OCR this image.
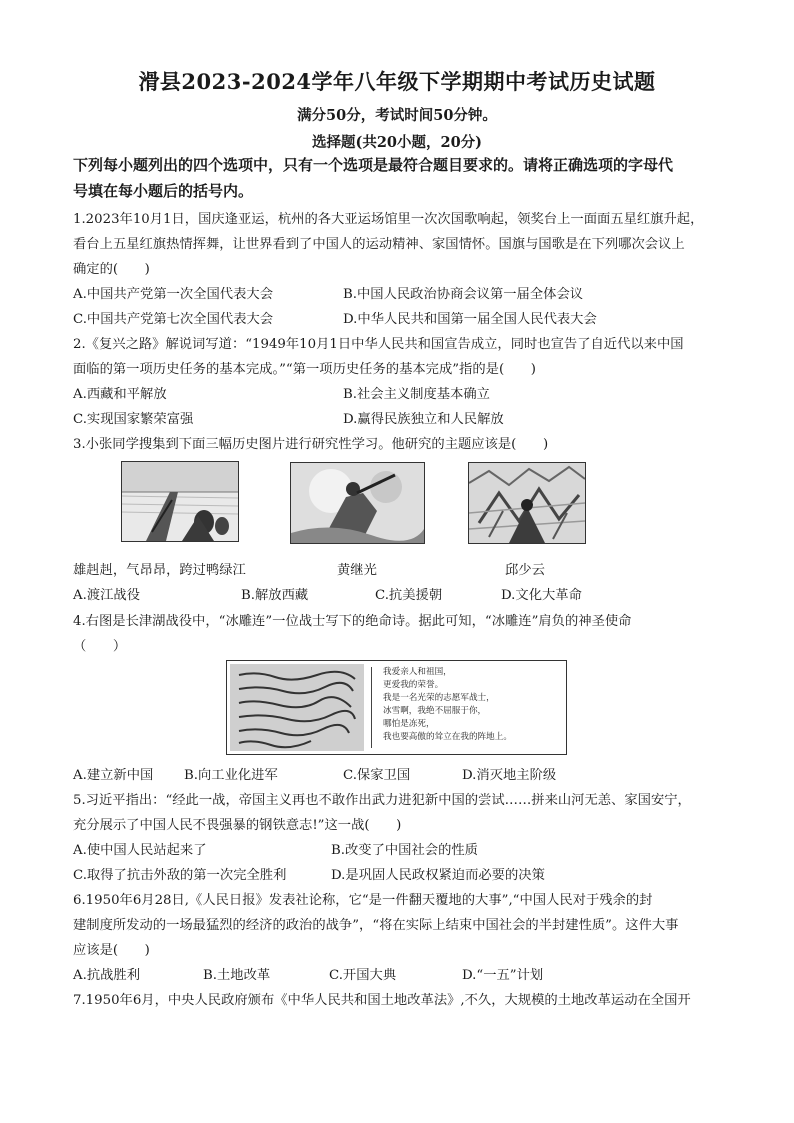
滑县2023-2024学年八年级下学期期中考试历史试题
满分50分，考试时间50分钟。
选择题(共20小题，20分)
下列每小题列出的四个选项中，只有一个选项是最符合题目要求的。请将正确选项的字母代
号填在每小题后的括号内。
1.2023年10月1日，国庆逢亚运，杭州的各大亚运场馆里一次次国歌响起，领奖台上一面面五星红旗升起，
看台上五星红旗热情挥舞，让世界看到了中国人的运动精神、家国情怀。国旗与国歌是在下列哪次会议上
确定的(　　)
A.中国共产党第一次全国代表大会	B.中国人民政治协商会议第一届全体会议
C.中国共产党第七次全国代表大会	D.中华人民共和国第一届全国人民代表大会
2.《复兴之路》解说词写道：“1949年10月1日中华人民共和国宣告成立，同时也宣告了自近代以来中国
面临的第一项历史任务的基本完成。”“第一项历史任务的基本完成”指的是(　　)
A.西藏和平解放	B.社会主义制度基本确立
C.实现国家繁荣富强	D.赢得民族独立和人民解放
3.小张同学搜集到下面三幅历史图片进行研究性学习。他研究的主题应该是(　　)
雄赳赳，气昂昂，跨过鸭绿江	黄继光	邱少云
A.渡江战役	B.解放西藏	C.抗美援朝	D.文化大革命
4.右图是长津湖战役中，“冰雕连”一位战士写下的绝命诗。据此可知，“冰雕连”肩负的神圣使命
（　　）
我爱亲人和祖国，
更爱我的荣誉。
我是一名光荣的志愿军战士，
冰雪啊，我绝不屈服于你，
哪怕是冻死，
我也要高傲的耸立在我的阵地上。
A.建立新中国 B.向工业化进军	C.保家卫国	D.消灭地主阶级
5.习近平指出：“经此一战，帝国主义再也不敢作出武力进犯新中国的尝试……拼来山河无恙、家国安宁，
充分展示了中国人民不畏强暴的钢铁意志!”这一战(　　)
A.使中国人民站起来了	B.改变了中国社会的性质
C.取得了抗击外敌的第一次完全胜利	D.是巩固人民政权紧迫而必要的决策
6.1950年6月28日,《人民日报》发表社论称，它“是一件翻天覆地的大事”,“中国人民对于残余的封
建制度所发动的一场最猛烈的经济的政治的战争”，“将在实际上结束中国社会的半封建性质”。这件大事
应该是(　　)
A.抗战胜利	B.土地改革	C.开国大典	D.“一五”计划
7.1950年6月，中央人民政府颁布《中华人民共和国土地改革法》,不久，大规模的土地改革运动在全国开
